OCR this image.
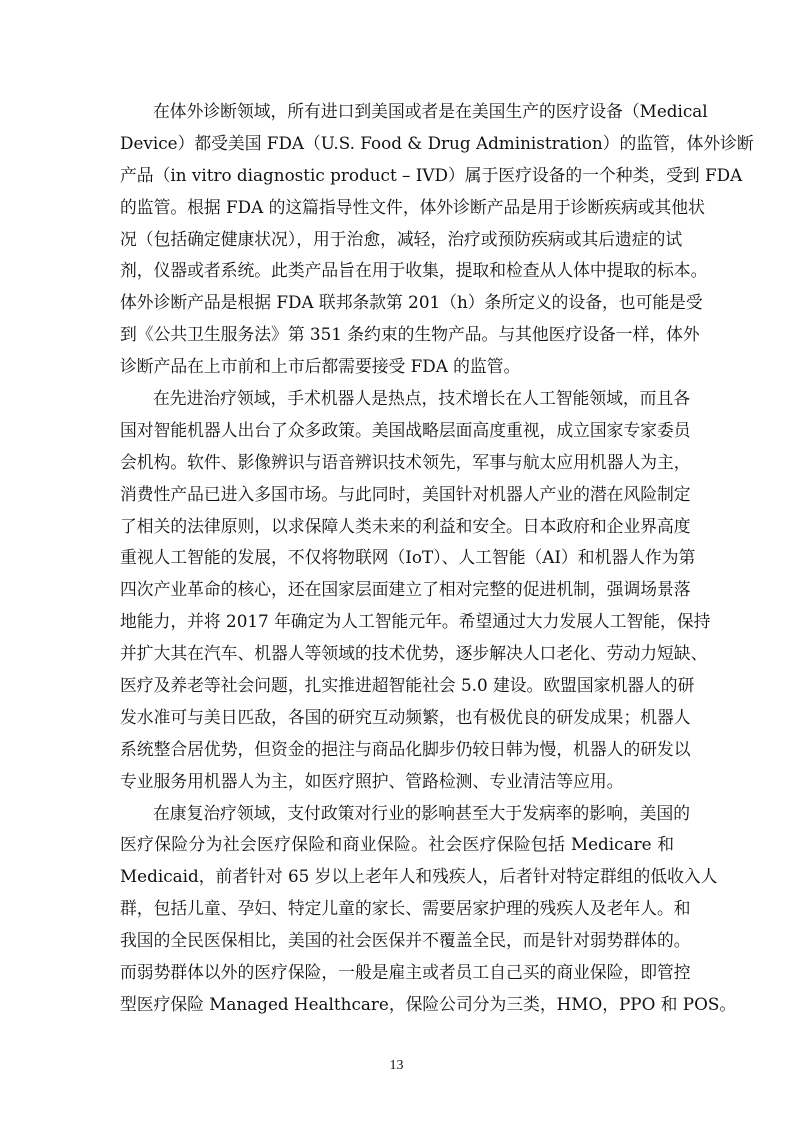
在体外诊断领域，所有进口到美国或者是在美国生产的医疗设备（Medical
Device）都受美国 FDA（U.S. Food & Drug Administration）的监管，体外诊断
产品（in vitro diagnostic product – IVD）属于医疗设备的一个种类，受到 FDA
的监管。根据 FDA 的这篇指导性文件，体外诊断产品是用于诊断疾病或其他状
况（包括确定健康状况），用于治愈，减轻，治疗或预防疾病或其后遗症的试
剂，仪器或者系统。此类产品旨在用于收集，提取和检查从人体中提取的标本。
体外诊断产品是根据 FDA 联邦条款第 201（h）条所定义的设备，也可能是受
到《公共卫生服务法》第 351 条约束的生物产品。与其他医疗设备一样，体外
诊断产品在上市前和上市后都需要接受 FDA 的监管。
在先进治疗领域，手术机器人是热点，技术增长在人工智能领域，而且各
国对智能机器人出台了众多政策。美国战略层面高度重视，成立国家专家委员
会机构。软件、影像辨识与语音辨识技术领先，军事与航太应用机器人为主，
消费性产品已进入多国市场。与此同时，美国针对机器人产业的潜在风险制定
了相关的法律原则，以求保障人类未来的利益和安全。日本政府和企业界高度
重视人工智能的发展，不仅将物联网（IoT）、人工智能（AI）和机器人作为第
四次产业革命的核心，还在国家层面建立了相对完整的促进机制，强调场景落
地能力，并将 2017 年确定为人工智能元年。希望通过大力发展人工智能，保持
并扩大其在汽车、机器人等领域的技术优势，逐步解决人口老化、劳动力短缺、
医疗及养老等社会问题，扎实推进超智能社会 5.0 建设。欧盟国家机器人的研
发水准可与美日匹敌，各国的研究互动频繁，也有极优良的研发成果；机器人
系统整合居优势，但资金的挹注与商品化脚步仍较日韩为慢，机器人的研发以
专业服务用机器人为主，如医疗照护、管路检测、专业清洁等应用。
在康复治疗领域，支付政策对行业的影响甚至大于发病率的影响，美国的
医疗保险分为社会医疗保险和商业保险。社会医疗保险包括 Medicare 和
Medicaid，前者针对 65 岁以上老年人和残疾人，后者针对特定群组的低收入人
群，包括儿童、孕妇、特定儿童的家长、需要居家护理的残疾人及老年人。和
我国的全民医保相比，美国的社会医保并不覆盖全民，而是针对弱势群体的。
而弱势群体以外的医疗保险，一般是雇主或者员工自己买的商业保险，即管控
型医疗保险 Managed Healthcare，保险公司分为三类，HMO，PPO 和 POS。
13
